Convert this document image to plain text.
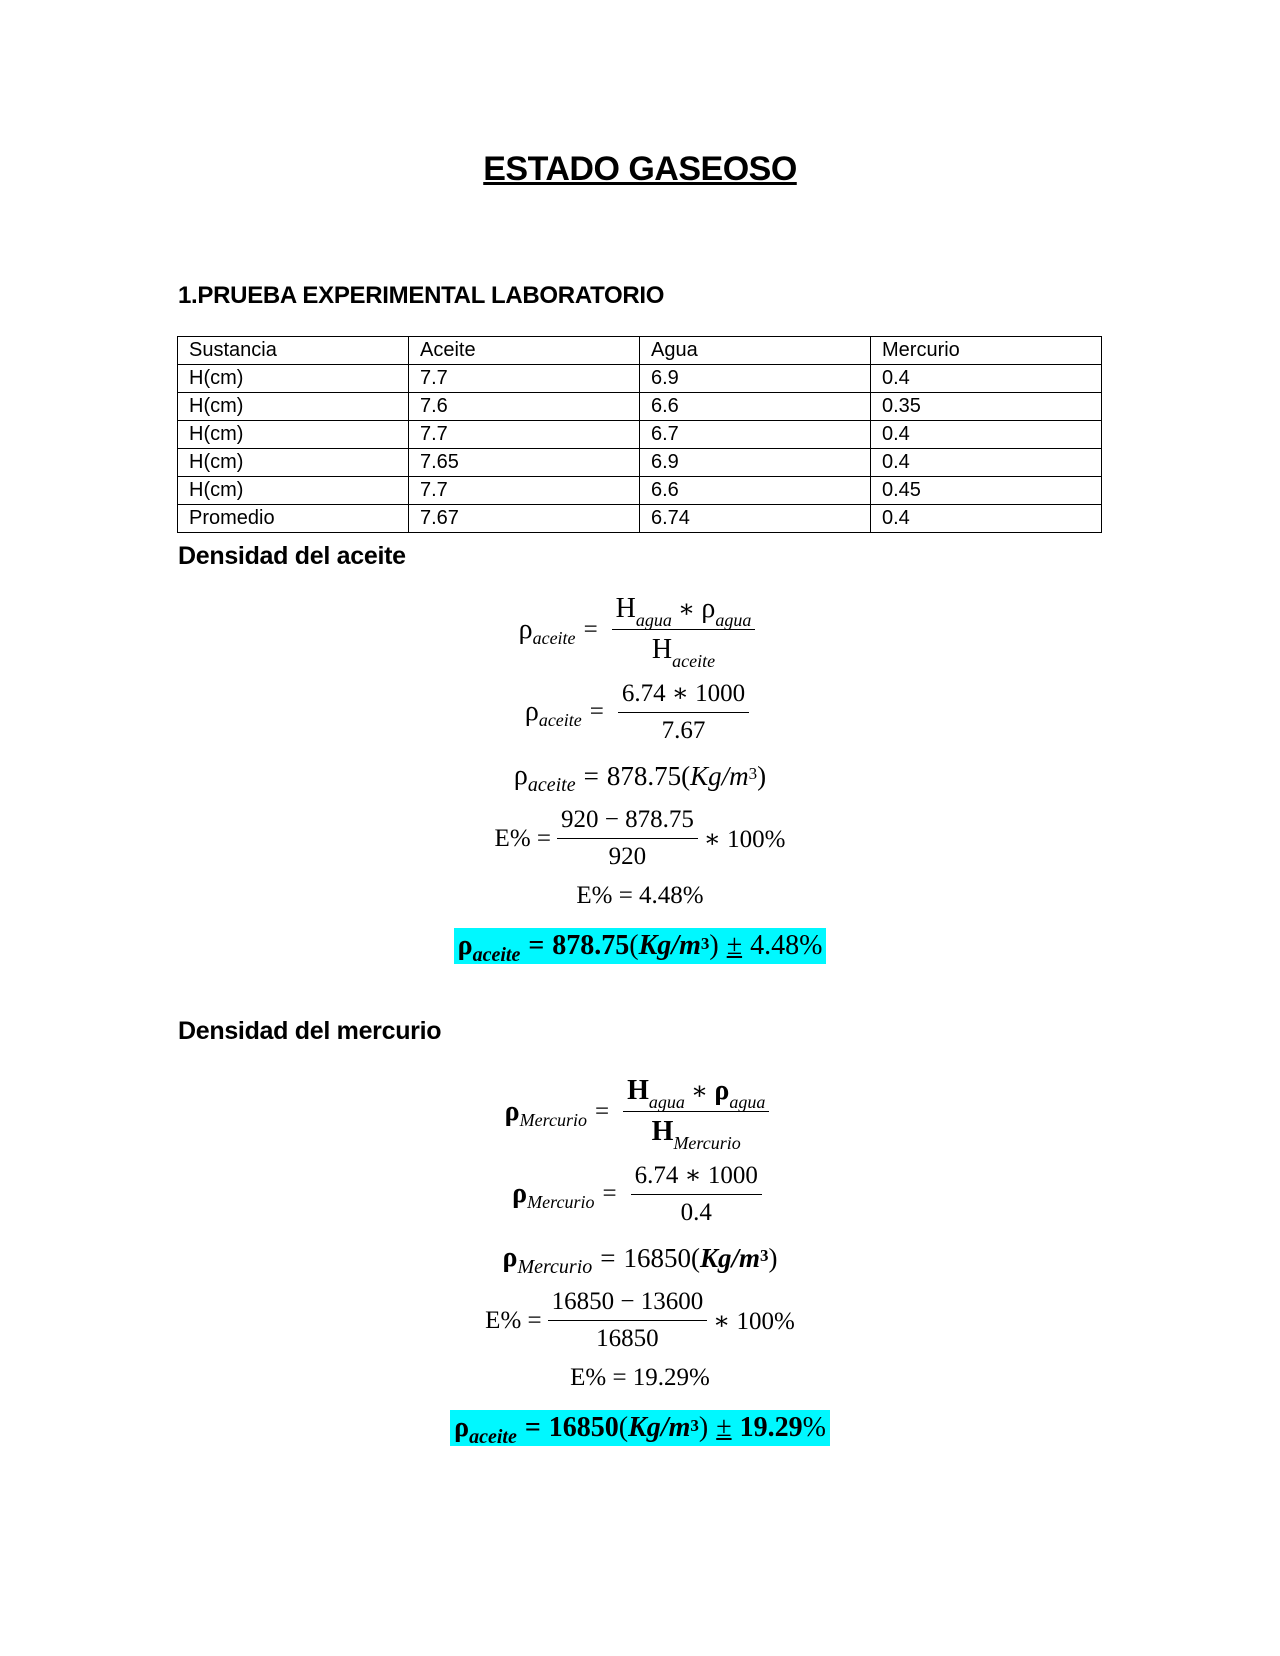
ESTADO GASEOSO
1.PRUEBA EXPERIMENTAL LABORATORIO
Sustancia	Aceite	Agua	Mercurio
H(cm)	7.7	6.9	0.4
H(cm)	7.6	6.6	0.35
H(cm)	7.7	6.7	0.4
H(cm)	7.65	6.9	0.4
H(cm)	7.7	6.6	0.45
Promedio	7.67	6.74	0.4
Densidad del aceite
ρ aceite = $\frac{H_{agua} ∗ \rho_{agua}}{H_{aceite}}$
ρ aceite = $\frac{6.74 ∗ 1000}{7.67}$
ρ aceite = 878.75 ( Kg / $m^3$ )
$E\% = \frac{920 - 878.75}{920}$ ∗ 100%
E% = 4.48%
ρ aceite = 878.75 ( Kg / $m^3$ ) ± 4.48%
Densidad del mercurio
ρ Mercurio = $\frac{H_{agua} ∗ \rho_{agua}}{H_{Mercurio}}$
ρ Mercurio = $\frac{6.74 ∗ 1000}{0.4}$
ρ Mercurio = 16850 ( Kg / $m^3$ )
$E\% = \frac{16850 - 13600}{16850}$ ∗ 100%
E% = 19.29%
ρ aceite = 16850 ( Kg / $m^3$ ) ± 19.29 %
